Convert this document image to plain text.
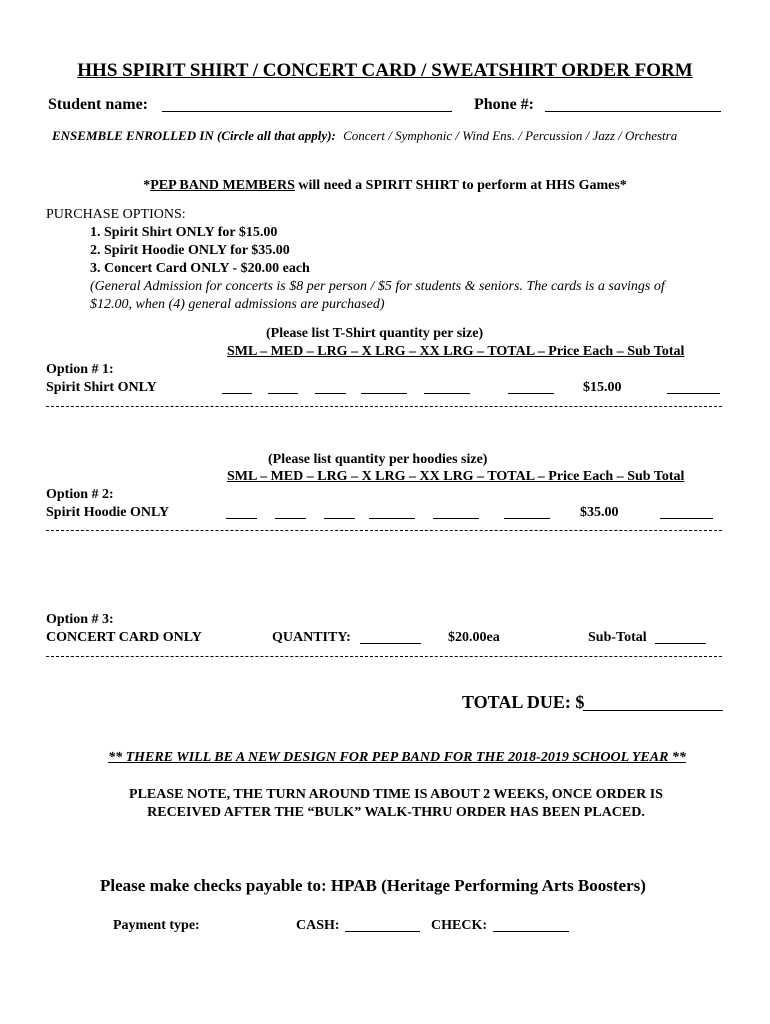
HHS SPIRIT SHIRT / CONCERT CARD / SWEATSHIRT ORDER FORM
Student name:	Phone #:
ENSEMBLE ENROLLED IN (Circle all that apply): Concert / Symphonic / Wind Ens. / Percussion / Jazz / Orchestra
*PEP BAND MEMBERS will need a SPIRIT SHIRT to perform at HHS Games*
PURCHASE OPTIONS:
1. Spirit Shirt ONLY for $15.00
2. Spirit Hoodie ONLY for $35.00
3. Concert Card ONLY - $20.00 each
(General Admission for concerts is $8 per person / $5 for students & seniors. The cards is a savings of
$12.00, when (4) general admissions are purchased)
(Please list T-Shirt quantity per size)
SML – MED – LRG – X LRG – XX LRG – TOTAL – Price Each – Sub Total
Option # 1:
Spirit Shirt ONLY	$15.00
(Please list quantity per hoodies size)
SML – MED – LRG – X LRG – XX LRG – TOTAL – Price Each – Sub Total
Option # 2:
Spirit Hoodie ONLY	$35.00
Option # 3:
CONCERT CARD ONLY	QUANTITY:	$20.00ea	Sub-Total
TOTAL DUE: $
** THERE WILL BE A NEW DESIGN FOR PEP BAND FOR THE 2018-2019 SCHOOL YEAR **
PLEASE NOTE, THE TURN AROUND TIME IS ABOUT 2 WEEKS, ONCE ORDER IS
RECEIVED AFTER THE “BULK” WALK-THRU ORDER HAS BEEN PLACED.
Please make checks payable to: HPAB (Heritage Performing Arts Boosters)
Payment type:	CASH:	CHECK:
